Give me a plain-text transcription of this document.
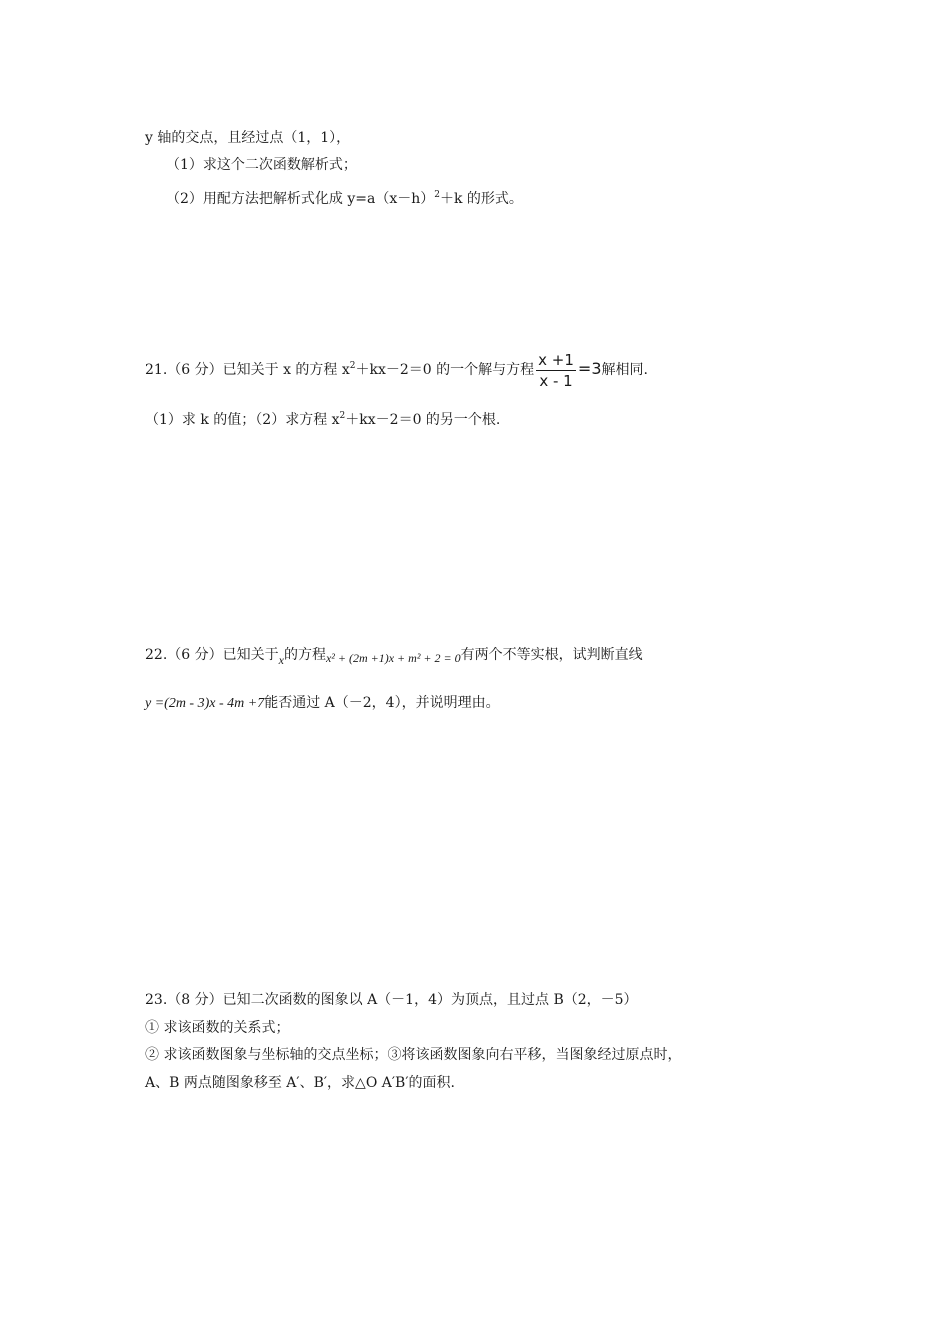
y 轴的交点，且经过点（1，1），
（1）求这个二次函数解析式；
（2）用配方法把解析式化成 $y=a(x-h)^2+k$ 的形式。
21.（6 分）已知关于 x 的方程 $x^2+kx-2=0$ 的一个解与方程 $\frac{x +1}{x - 1} =3$解相同.
（1）求 k 的值；（2）求方程 $x^2+kx-2=0$ 的另一个根.
22.（6 分）已知关于x的方程x² + (2m +1)x + m² + 2 = 0有两个不等实根，试判断直线
y =(2m - 3)x - 4m +7能否通过 A（－2，4），并说明理由。
23.（8 分）已知二次函数的图象以 A（－1，4）为顶点，且过点 B（2，－5）
① 求该函数的关系式；
② 求该函数图象与坐标轴的交点坐标；③将该函数图象向右平移，当图象经过原点时，
A、B 两点随图象移至 A′、B′，求△O A′B′的面积.
